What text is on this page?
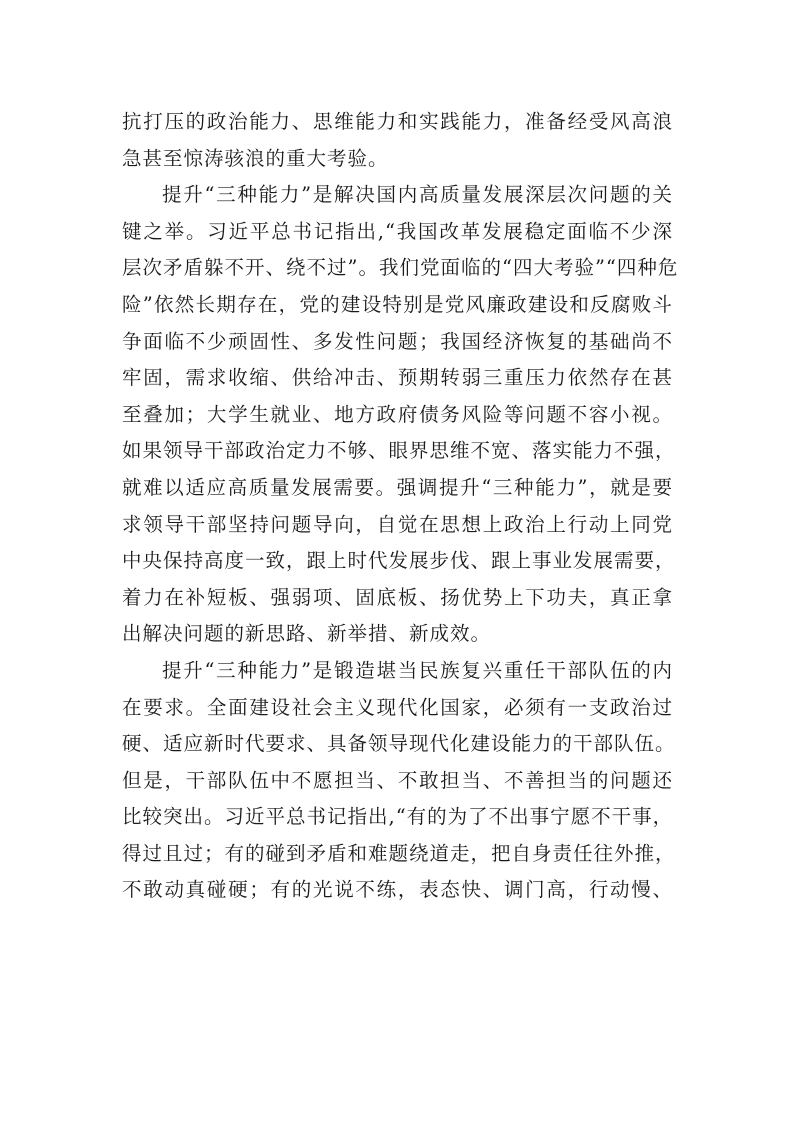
抗打压的政治能力、思维能力和实践能力，准备经受风高浪
急甚至惊涛骇浪的重大考验。
提升“三种能力”是解决国内高质量发展深层次问题的关
键之举。习近平总书记指出,“我国改革发展稳定面临不少深
层次矛盾躲不开、绕不过”。我们党面临的“四大考验”“四种危
险”依然长期存在，党的建设特别是党风廉政建设和反腐败斗
争面临不少顽固性、多发性问题；我国经济恢复的基础尚不
牢固，需求收缩、供给冲击、预期转弱三重压力依然存在甚
至叠加；大学生就业、地方政府债务风险等问题不容小视。
如果领导干部政治定力不够、眼界思维不宽、落实能力不强，
就难以适应高质量发展需要。强调提升“三种能力”，就是要
求领导干部坚持问题导向，自觉在思想上政治上行动上同党
中央保持高度一致，跟上时代发展步伐、跟上事业发展需要，
着力在补短板、强弱项、固底板、扬优势上下功夫，真正拿
出解决问题的新思路、新举措、新成效。
提升“三种能力”是锻造堪当民族复兴重任干部队伍的内
在要求。全面建设社会主义现代化国家，必须有一支政治过
硬、适应新时代要求、具备领导现代化建设能力的干部队伍。
但是，干部队伍中不愿担当、不敢担当、不善担当的问题还
比较突出。习近平总书记指出,“有的为了不出事宁愿不干事，
得过且过；有的碰到矛盾和难题绕道走，把自身责任往外推，
不敢动真碰硬；有的光说不练，表态快、调门高，行动慢、
